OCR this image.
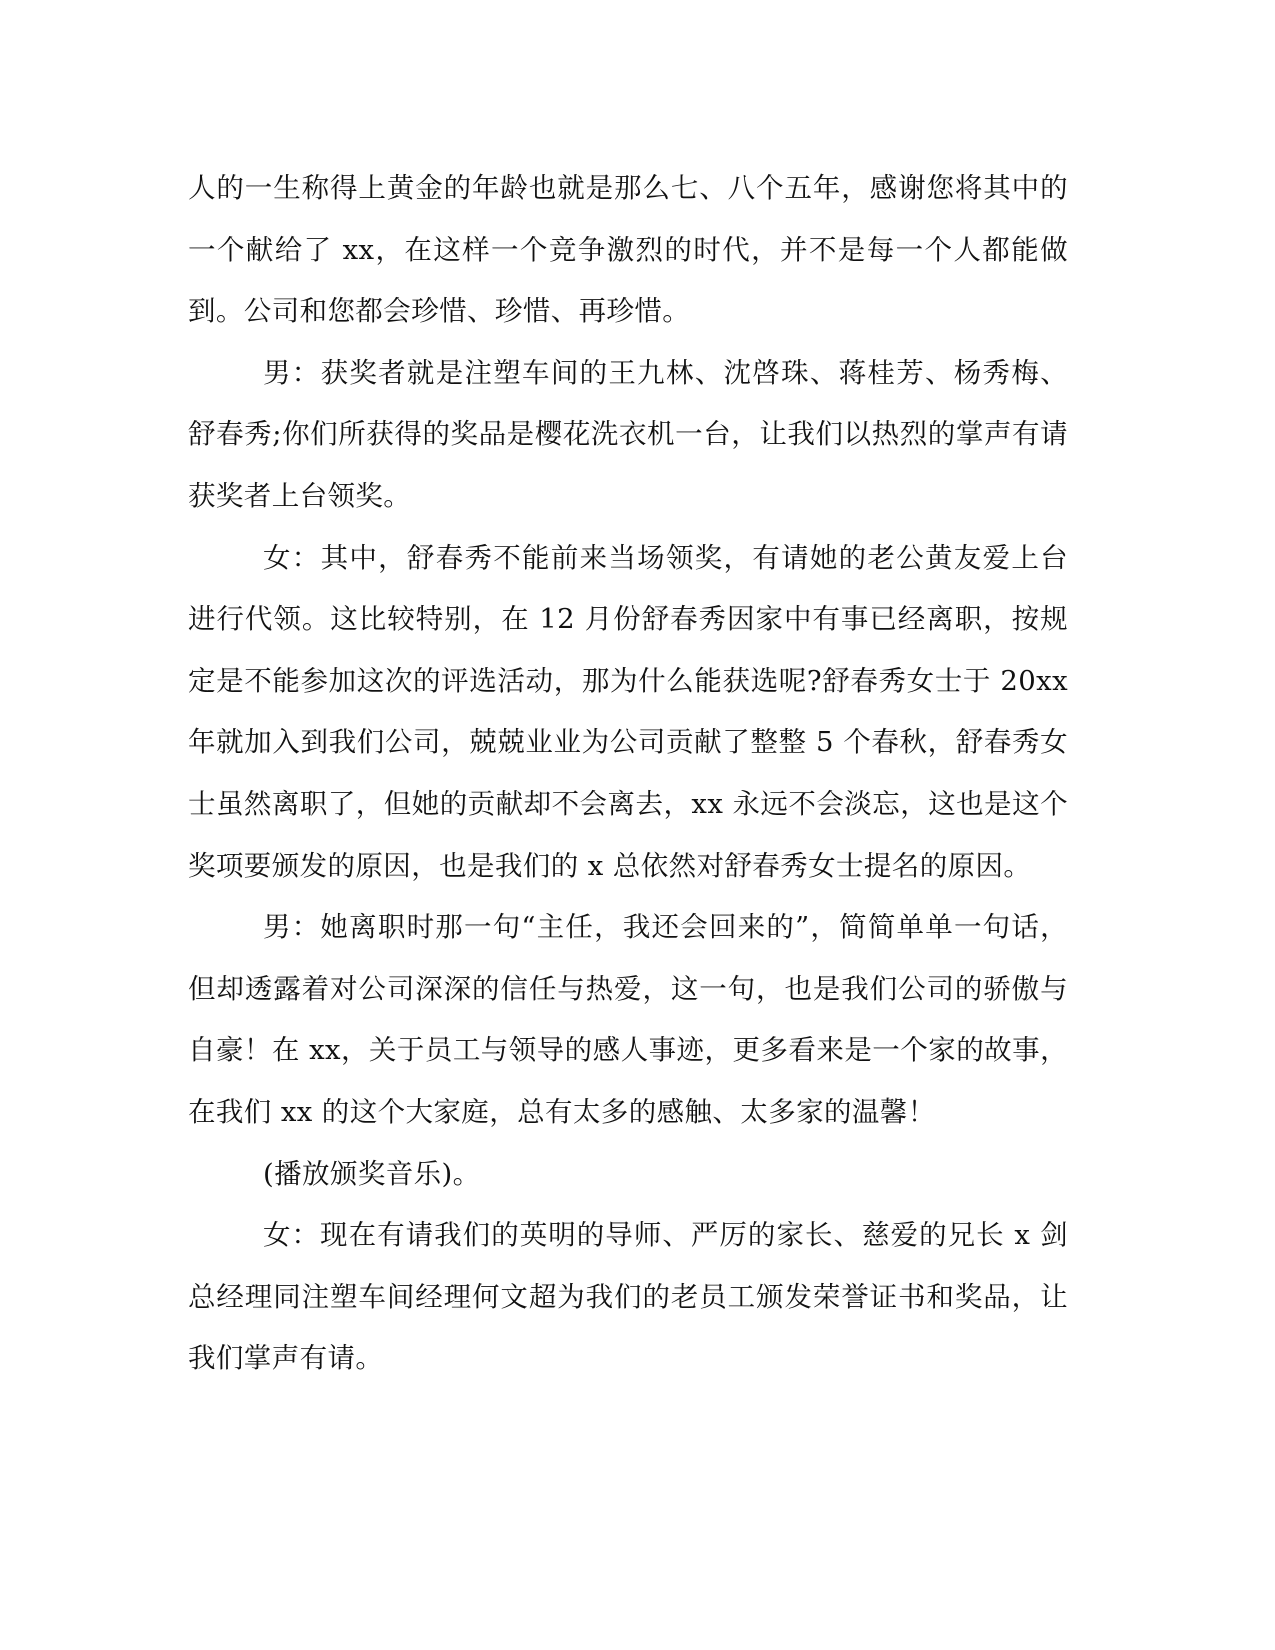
人的一生称得上黄金的年龄也就是那么七、八个五年，感谢您将其中的一个献给了 xx，在这样一个竞争激烈的时代，并不是每一个人都能做到。公司和您都会珍惜、珍惜、再珍惜。

男：获奖者就是注塑车间的王九林、沈啓珠、蒋桂芳、杨秀梅、舒春秀;你们所获得的奖品是樱花洗衣机一台，让我们以热烈的掌声有请获奖者上台领奖。

女：其中，舒春秀不能前来当场领奖，有请她的老公黄友爱上台进行代领。这比较特别，在 12 月份舒春秀因家中有事已经离职，按规定是不能参加这次的评选活动，那为什么能获选呢?舒春秀女士于 20xx 年就加入到我们公司，兢兢业业为公司贡献了整整 5 个春秋，舒春秀女士虽然离职了，但她的贡献却不会离去，xx 永远不会淡忘，这也是这个奖项要颁发的原因，也是我们的 x 总依然对舒春秀女士提名的原因。

男：她离职时那一句“主任，我还会回来的”，简简单单一句话，但却透露着对公司深深的信任与热爱，这一句，也是我们公司的骄傲与自豪！在 xx，关于员工与领导的感人事迹，更多看来是一个家的故事，在我们 xx 的这个大家庭，总有太多的感触、太多家的温馨！

(播放颁奖音乐)。

女：现在有请我们的英明的导师、严厉的家长、慈爱的兄长 x 剑总经理同注塑车间经理何文超为我们的老员工颁发荣誉证书和奖品，让我们掌声有请。
